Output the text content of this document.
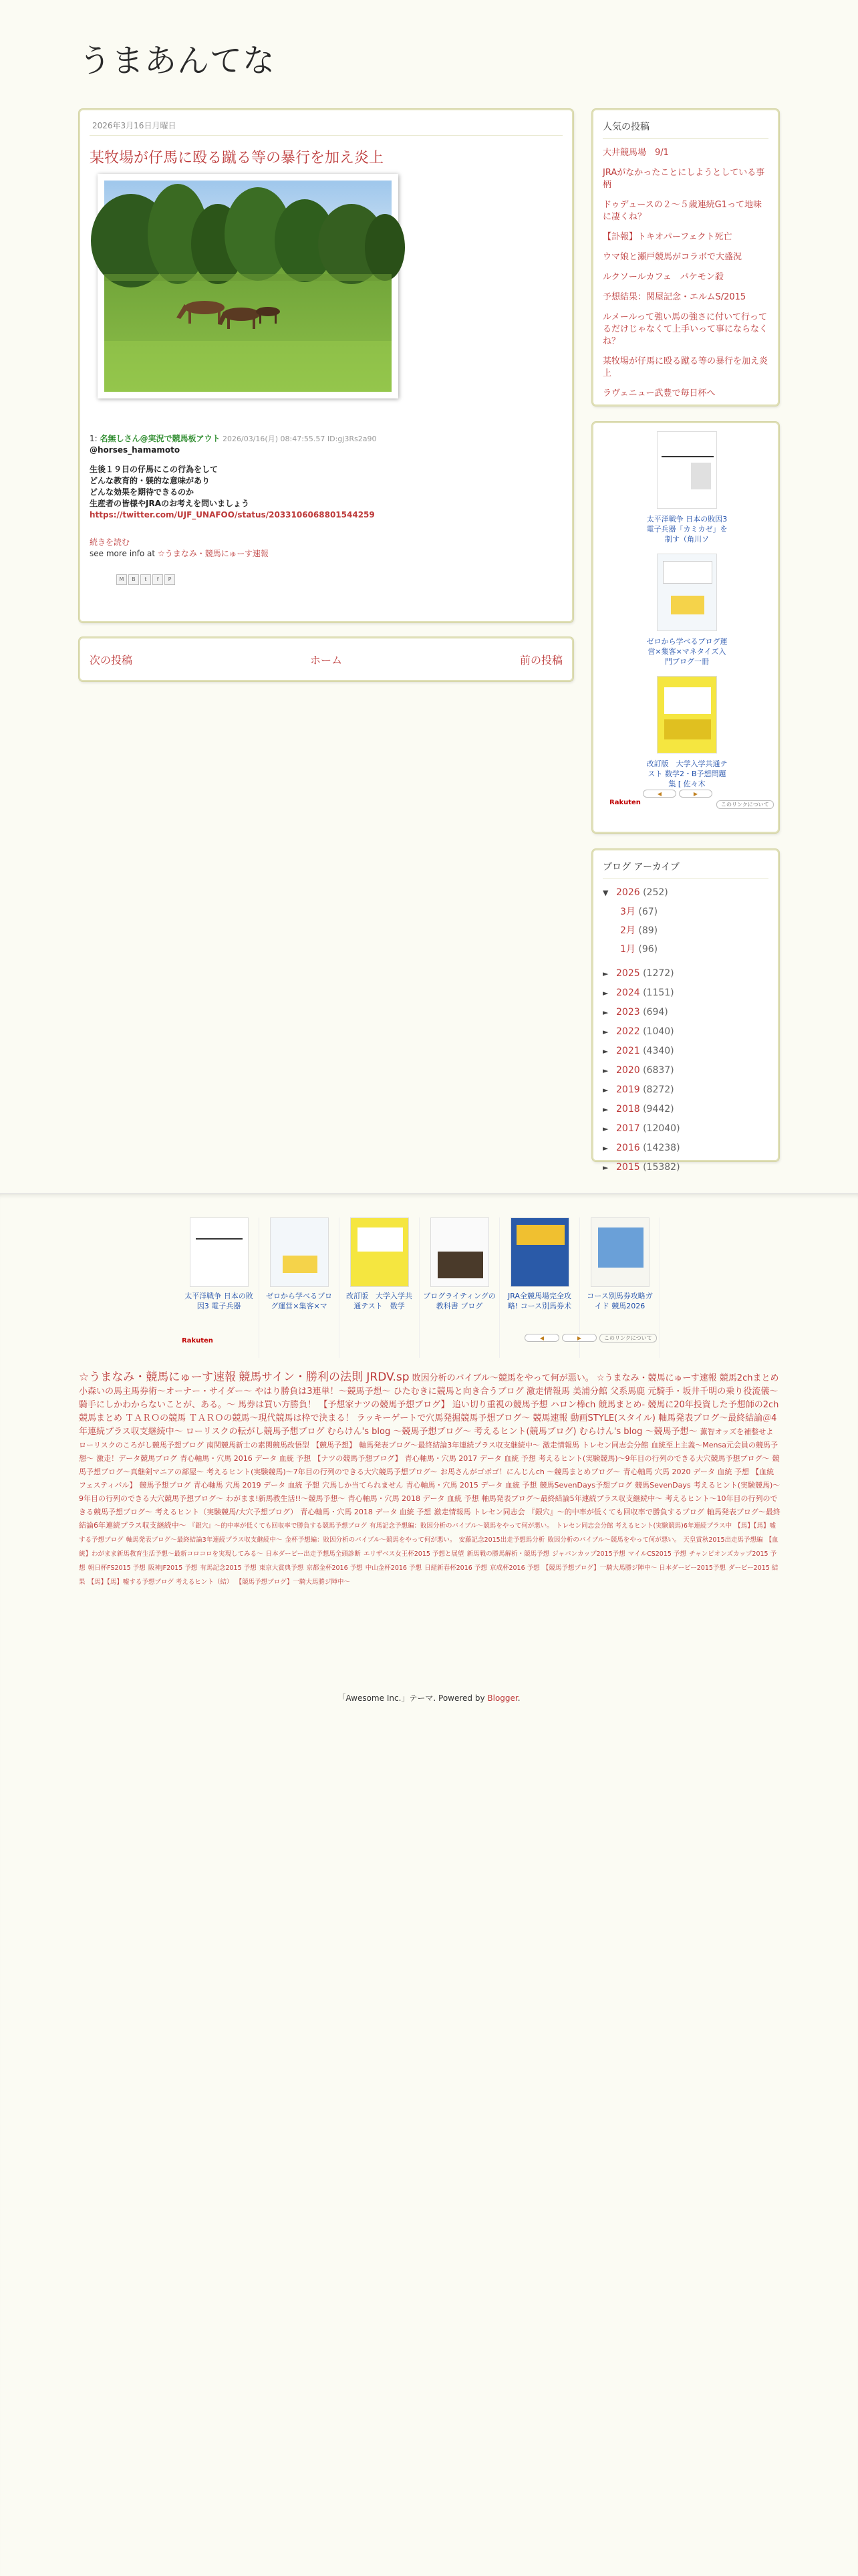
うまあんてな
2026年3月16日月曜日
某牧場が仔馬に殴る蹴る等の暴行を加え炎上
1: 名無しさん@実況で競馬板アウト 2026/03/16(月) 08:47:55.57 ID:gj3Rs2a90
@horses_hamamoto
生後１９日の仔馬にこの行為をして
どんな教育的・躾的な意味があり
どんな効果を期待できるのか
生産者の皆様やJRAのお考えを問いましょう
https://twitter.com/UJF_UNAFOO/status/2033106068801544259
続きを読む
see more info at ☆うまなみ・競馬にゅーす速報
M	B	t	f	P
次の投稿	ホーム	前の投稿
人気の投稿
大井競馬場　9/1
JRAがなかったことにしようとしている事柄
ドゥデュースの２～５歳連続G1って地味に凄くね？
【訃報】トキオパーフェクト死亡
ウマ娘と瀬戸競馬がコラボで大盛況
ルクソールカフェ　パケモン殺
予想結果：関屋記念・エルムS/2015
ルメールって強い馬の強さに付いて行ってるだけじゃなくて上手いって事にならなくね？
某牧場が仔馬に殴る蹴る等の暴行を加え炎上
ラヴェニュー武豊で毎日杯へ
太平洋戦争 日本の敗因3 電子兵器「カミカゼ」を制す（角川ソ
ゼロから学べるブログ運営×集客×マネタイズ入門ブログ一冊
改訂版　大学入学共通テスト 数学2・B予想問題集 [ 佐々木
Rakuten
◀	▶
このリンクについて
ブログ アーカイブ
▼ 2026 (252)
3月 (67)
2月 (89)
1月 (96)
► 2025 (1272)
► 2024 (1151)
► 2023 (694)
► 2022 (1040)
► 2021 (4340)
► 2020 (6837)
► 2019 (8272)
► 2018 (9442)
► 2017 (12040)
► 2016 (14238)
► 2015 (15382)
太平洋戦争 日本の敗因3 電子兵器
ゼロから学べるブログ運営×集客×マ
改訂版　大学入学共通テスト　数学
ブログライティングの教科書 ブログ
JRA全競馬場完全攻略! コース別馬券术
コース別馬券攻略ガイド 競馬2026
Rakuten	◀	▶	このリンクについて
☆うまなみ・競馬にゅーす速報 競馬サイン・勝利の法則 JRDV.sp 敗因分析のバイブル〜競馬をやって何が悪い。 ☆うまなみ・競馬にゅーす速報 競馬2chまとめ 小森いの馬主馬券術〜オーナー・サイダー〜 やはり勝負は3連単！〜競馬予想〜 ひたむきに競馬と向き合うブログ 激走情報馬 美浦分館 父系馬鹿 元騎手・坂井千明の乗り役流儀〜騎手にしかわからないことが、ある。〜 馬券は買い方勝負！ 【予想家ナツの競馬予想ブログ】 追い切り重視の競馬予想 ハロン棒ch 競馬まとめ- 競馬に20年投資した予想師の2ch競馬まとめ ＴＡＲＯの競馬 ＴＡＲＯの競馬〜現代競馬は枠で決まる！ ラッキーゲートで穴馬発掘競馬予想ブログ〜 競馬速報 動画STYLE(スタイル) 軸馬発表ブログ〜最終結論＠4年連続プラス収支継続中〜 ローリスクの転がし競馬予想ブログ むらけん's blog 〜競馬予想ブログ〜 考えるヒント(競馬ブログ) むらけん's blog 〜競馬予想〜 薫智オッズを補整せよ ローリスクのころがし競馬予想ブログ 南関競馬新士の素関競馬改悟型 【競馬予想】 軸馬発表ブログ〜最終結論3年連続プラス収支継続中〜 激走情報馬 トレセン同志会分館 血統至上主義〜Mensa元会員の競馬予想〜 激走！データ競馬ブログ 青心軸馬・穴馬 2016 データ 血統 予想 【ナツの競馬予想ブログ】 青心軸馬・穴馬 2017 データ 血統 予想 考えるヒント(実験競馬)〜9年目の行列のできる大穴競馬予想ブログ〜 競馬予想ブログ〜真継剣マニアの部屋〜 考えるヒント(実験競馬)〜7年目の行列のできる大穴競馬予想ブログ〜 お馬さんがゴボゴ！にんじんch 〜競馬まとめブログ〜 青心軸馬 穴馬 2020 データ 血統 予想 【血統フェスティバル】 競馬予想ブログ 青心軸馬 穴馬 2019 データ 血統 予想 穴馬しか当てられません 青心軸馬・穴馬 2015 データ 血統 予想 競馬SevenDays予想ブログ 競馬SevenDays 考えるヒント(実験競馬)〜9年目の行列のできる大穴競馬予想ブログ〜 わがまま!新馬教生活!!〜競馬予想〜 青心軸馬・穴馬 2018 データ 血統 予想 軸馬発表ブログ〜最終結論5年連続プラス収支継続中〜 考えるヒント〜10年目の行列のできる競馬予想ブログ〜 考えるヒント（実験競馬/大穴予想ブログ） 青心軸馬・穴馬 2018 データ 血統 予想 激走情報馬 トレセン同志会 『銀穴』〜的中率が低くても回収率で勝負するブログ 軸馬発表ブログ〜最終結論6年連続プラス収支継続中〜 『銀穴』〜的中率が低くても回収率で勝負する競馬予想ブログ 有馬記念予想編：敗因分析のバイブル〜競馬をやって何が悪い。 トレセン同志会分館 考えるヒント(実験競馬)6年連続プラス中 【馬】【馬】嘘する予想ブログ 軸馬発表ブログ〜最終結論3年連続プラス収支継続中〜 金杯予想編：敗因分析のバイブル〜競馬をやって何が悪い。 安藤記念2015出走予想馬分析 敗因分析のバイブル〜競馬をやって何が悪い。 天皇賞秋2015出走馬予想編 【血統】わがまま新馬教育生活予想〜最新コロコロを実現してみる〜 日本ダービー出走予想馬全頭診断 エリザベス女王杯2015 予想と展望 新馬戦の勝馬解析・競馬予想 ジャパンカップ2015予想 マイルCS2015 予想 チャンピオンズカップ2015 予想 朝日杯FS2015 予想 阪神JF2015 予想 有馬記念2015 予想 東京大賞典予想 京都金杯2016 予想 中山金杯2016 予想 日経新春杯2016 予想 京成杯2016 予想 【競馬予想ブログ】一騎大馬勝ジ陣中〜 日本ダービー2015予想 ダービー2015 結果 【馬】【馬】嘘する予想ブログ 考えるヒント（結） 【競馬予想ブログ】一騎大馬勝ジ陣中〜
「Awesome Inc.」テーマ. Powered by Blogger.
